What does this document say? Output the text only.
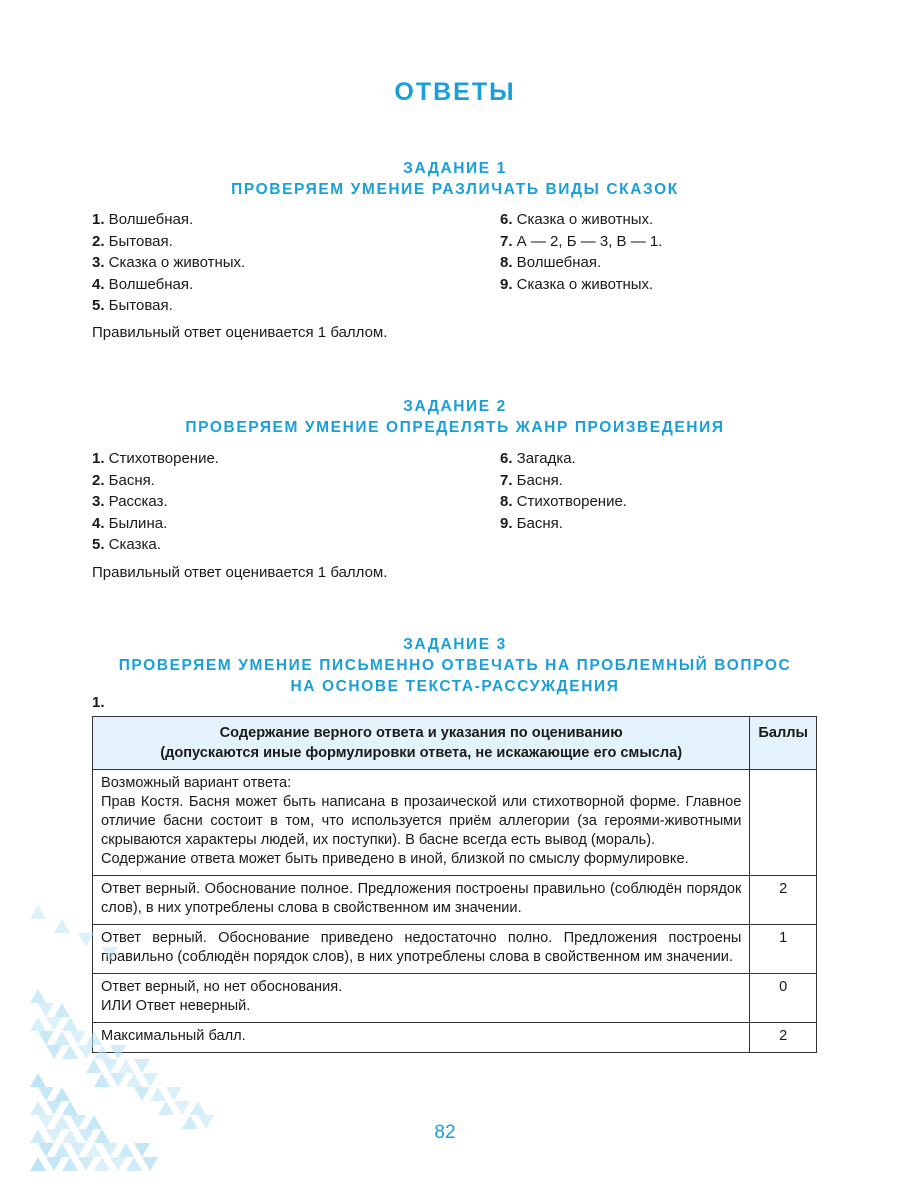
ОТВЕТЫ
ЗАДАНИЕ 1
ПРОВЕРЯЕМ УМЕНИЕ РАЗЛИЧАТЬ ВИДЫ СКАЗОК
1. Волшебная.
2. Бытовая.
3. Сказка о животных.
4. Волшебная.
5. Бытовая.
6. Сказка о животных.
7. А — 2, Б — 3, В — 1.
8. Волшебная.
9. Сказка о животных.
Правильный ответ оценивается 1 баллом.
ЗАДАНИЕ 2
ПРОВЕРЯЕМ УМЕНИЕ ОПРЕДЕЛЯТЬ ЖАНР ПРОИЗВЕДЕНИЯ
1. Стихотворение.
2. Басня.
3. Рассказ.
4. Былина.
5. Сказка.
6. Загадка.
7. Басня.
8. Стихотворение.
9. Басня.
Правильный ответ оценивается 1 баллом.
ЗАДАНИЕ 3
ПРОВЕРЯЕМ УМЕНИЕ ПИСЬМЕННО ОТВЕЧАТЬ НА ПРОБЛЕМНЫЙ ВОПРОС
НА ОСНОВЕ ТЕКСТА-РАССУЖДЕНИЯ
1.
Содержание верного ответа и указания по оцениванию
(допускаются иные формулировки ответа, не искажающие его смысла)	Баллы

Возможный вариант ответа:
Прав Костя. Басня может быть написана в прозаической или стихотворной форме. Главное отличие басни состоит в том, что используется приём аллегории (за героями-животными скрываются характеры людей, их поступки). В басне всегда есть вывод (мораль).
Содержание ответа может быть приведено в иной, близкой по смыслу формулировке.	

Ответ верный. Обоснование полное. Предложения построены правильно (соблюдён порядок слов), в них употреблены слова в свойственном им значении.	2

Ответ верный. Обоснование приведено недостаточно полно. Предложения построены правильно (соблюдён порядок слов), в них употреблены слова в свойственном им значении.	1

Ответ верный, но нет обоснования.
ИЛИ Ответ неверный.	0

Максимальный балл.	2
82
